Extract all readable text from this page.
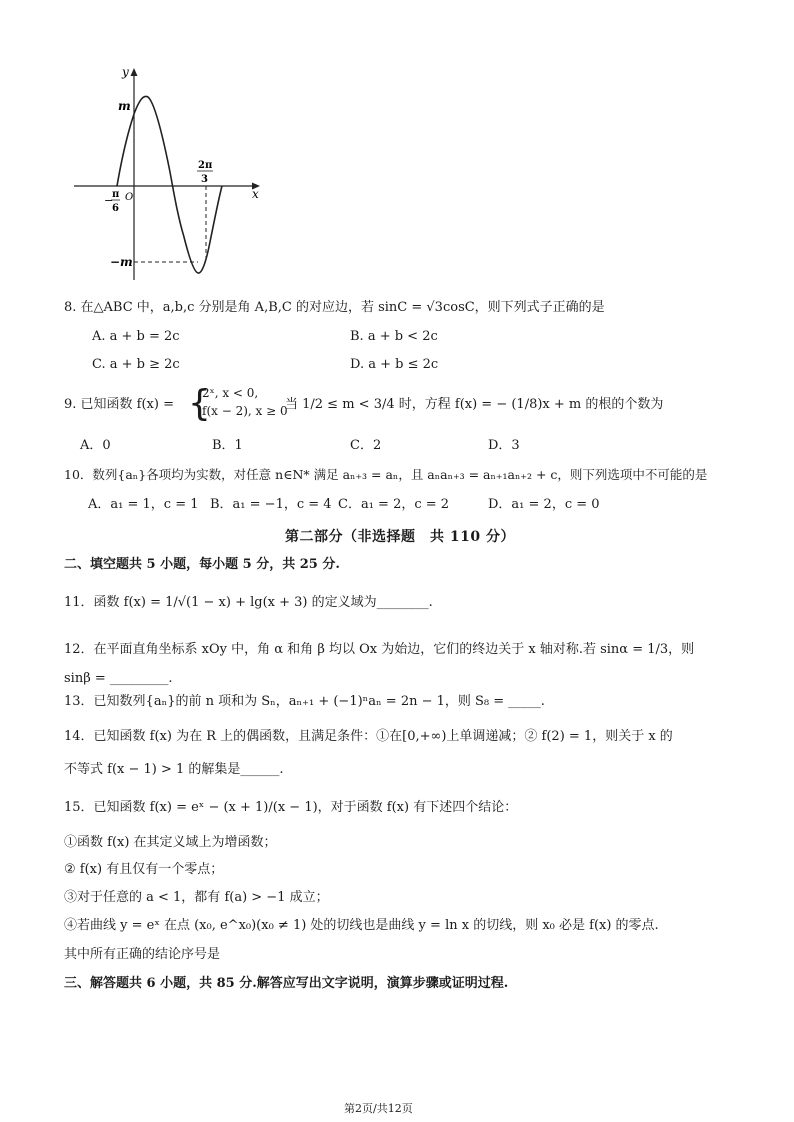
y
x
O
m
−m
−
π
6
2π
3
8. 在△ABC 中，a,b,c 分别是角 A,B,C 的对应边，若 sinC = √3cosC，则下列式子正确的是
A. a + b = 2c	B. a + b < 2c
C. a + b ≥ 2c	D. a + b ≤ 2c
9. 已知函数 f(x) = {
2ˣ, x < 0,
f(x − 2), x ≥ 0
当 1/2 ≤ m < 3/4 时，方程 f(x) = − (1/8)x + m 的根的个数为
A．0	B．1	C．2	D．3
10．数列{aₙ}各项均为实数，对任意 n∈N* 满足 aₙ₊₃ = aₙ，且 aₙaₙ₊₃ = aₙ₊₁aₙ₊₂ + c，则下列选项中不可能的是
A．a₁ = 1，c = 1 B．a₁ = −1，c = 4 C．a₁ = 2，c = 2	D．a₁ = 2，c = 0
第二部分（非选择题　共 110 分）
二、填空题共 5 小题，每小题 5 分，共 25 分.
11．函数 f(x) = 1/√(1 − x) + lg(x + 3) 的定义域为________.
12．在平面直角坐标系 xOy 中，角 α 和角 β 均以 Ox 为始边，它们的终边关于 x 轴对称.若 sinα = 1/3，则
sinβ = _________.
13．已知数列{aₙ}的前 n 项和为 Sₙ，aₙ₊₁ + (−1)ⁿaₙ = 2n − 1，则 S₈ = _____.
14．已知函数 f(x) 为在 R 上的偶函数，且满足条件：①在[0,+∞)上单调递减；② f(2) = 1，则关于 x 的
不等式 f(x − 1) > 1 的解集是______.
15．已知函数 f(x) = eˣ − (x + 1)/(x − 1)，对于函数 f(x) 有下述四个结论：
①函数 f(x) 在其定义域上为增函数；
② f(x) 有且仅有一个零点；
③对于任意的 a < 1，都有 f(a) > −1 成立；
④若曲线 y = eˣ 在点 (x₀, e^x₀)(x₀ ≠ 1) 处的切线也是曲线 y = ln x 的切线，则 x₀ 必是 f(x) 的零点.
其中所有正确的结论序号是
三、解答题共 6 小题，共 85 分.解答应写出文字说明，演算步骤或证明过程.
第2页/共12页
